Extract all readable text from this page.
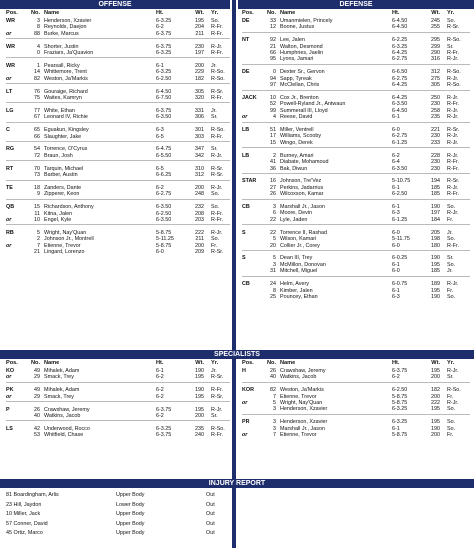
OFFENSE	DEFENSE
Pos.	No. Name	Ht.	Wt. Yr.
WR	3 Henderson, Xzavier	6-3.25	195 So.
8 Reynolds, Daejon	6-2	204 R-Fr.
or	88 Burke, Marcus	6-3.75	211 R-Fr.
WR	4 Shorter, Justin	6-3.75	230 R-Jr.
0 Fraziars, Ja'Quavion	6-3.25	197 R-Fr.
WR	1 Pearsall, Ricky	6-1	200 Jr.
14 Whittemore, Trent	6-3.25	229 R-So.
or	82 Weston, Ja'Markis	6-2.50	182 R-So.
LT	76 Gouraige, Richard	6-4.50	305 R-Sr.
75 Waites, Kamryn	6-7.50	320 R-Fr.
LG	77 White, Ethan	6-3.75	331 Jr.
67 Leonard IV, Richie	6-3.50	306 Sr.
C	65 Eguakun, Kingsley	6-3	301 R-So.
66 Slaughter, Jake	6-5	303 R-Fr.
RG	54 Torrence, O'Cyrus	6-4.75	347 Sr.
72 Braun, Josh	6-5.50	342 R-Jr.
RT	70 Tarquin, Michael	6-5	310 R-Sr.
73 Barber, Austin	6-6.25	312 R-Sr.
TE	18 Zanders, Dante	6-2	200 R-Jr.
9 Zipperer, Keon	6-2.75	248 So.
QB	15 Richardson, Anthony	6-3.50	232 So.
11 Kitna, Jalen	6-2.50	208 R-Fr.
or	10 Engel, Kyle	6-3.50	203 R-Fr.
RB	5 Wright, Nay'Quan	5-8.75	222 R-Jr.
2 Johnson Jr., Montrell	5-11.25	211 So.
or	7 Etienne, Trevor	5-8.75	200 Fr.
21 Lingard, Lorenzo	6-0	209 R-Sr.
Pos.	No. Name	Ht.	Wt. Yr.
DE	33 Umanmielen, Princely	6-4.50	245 So.
12 Boone, Justus	6-4.50	255 R-Sr.
NT	92 Lee, Jalen	6-2.25	295 R-So.
21 Walton, Desmond	6-3.25	299 Sr.
66 Humphries, Jaelin	6-4.25	290 R-Fr.
95 Lyons, Jamari	6-2.75	316 R-Jr.
DE	0 Dexter Sr., Gervon	6-6.50	312 R-So.
94 Sapp, Tyreak	6-2.75	275 R-Jr.
97 McClellan, Chris	6-4.25	305 R-So.
JACK	10 Cox Jr., Brenton	6-4.25	250 R-Jr.
52 Powell-Ryland Jr., Antwaun	6-3.50	230 R-Fr.
99 Summerall III, Lloyd	6-4.50	258 R-Jr.
or	4 Reese, David	6-1	235 R-Jr.
LB	51 Miller, Ventrell	6-0	221 R-Sr.
17 Williams, Scooby	6-2.75	230 R-Jr.
15 Wingo, Derek	6-1.25	233 R-Jr.
LB	2 Burney, Amari	6-2	228 R-Jr.
41 Diabate, Mohamoud	6-4	230 R-Fr.
36 Bak, Diwun	6-3.50	230 R-Fr.
STAR	16 Johnson, Tre'Vez	5-10.75	194 R-Sr.
27 Perkins, Jadarrius	6-1	185 R-Jr.
26 Wilcoxson, Kamar	6-2.50	185 R-Fr.
CB	3 Marshall Jr., Jason	6-1	190 So.
6 Moore, Devin	6-3	197 R-Jr.
22 Lyle, Jaden	6-1.25	184 Fr.
S	22 Torrence II, Rashad	6-0	205 Jr.
5 Wilson, Kamari	5-11.75	198 So.
20 Collier Jr., Corey	6-0	180 R-Fr.
S	5 Dean III, Trey	6-0.25	190 Sr.
3 McMillon, Donovan	6-1	195 So.
31 Mitchell, Miguel	6-0	185 Jr.
CB	24 Helm, Avery	6-0.75	189 R-Jr.
8 Kimber, Jalen	6-1	195 Fr.
25 Pouncey, Ethan	6-3	190 So.
SPECIALISTS
Pos.	No. Name	Ht.	Wt. Yr.
KO	49 Mihalek, Adam	6-1	190 Jr.
or	29 Smack, Trey	6-2	195 R-Sr.
PK	49 Mihalek, Adam	6-2	190 R-Fr.
or	29 Smack, Trey	6-2	195 R-Sr.
P	26 Crawshaw, Jeremy	6-3.75	195 R-Jr.
40 Watkins, Jacob	6-2	200 Sr.
LS	42 Underwood, Rocco	6-3.25	235 R-So.
53 Whitfield, Chase	6-3.75	240 R-Fr.
Pos.	No. Name	Ht.	Wt. Yr.
H	26 Crawshaw, Jeremy	6-3.75	195 R-Jr.
40 Watkins, Jacob	6-2	200 Sr.
KOR	82 Weston, Ja'Markis	6-2.50	182 R-So.
7 Etienne, Trevor	5-8.75	200 Fr.
or	5 Wright, Nay'Quan	5-8.75	222 R-Jr.
3 Henderson, Xzavier	6-3.25	195 So.
PR	3 Henderson, Xzavier	6-3.25	195 So.
3 Marshall Jr., Jason	6-1	190 So.
or	7 Etienne, Trevor	5-8.75	200 Fr.
INJURY REPORT
81 Boardingham, Arlis	Upper Body	Out
23 Hill, Jaydon	Lower Body	Out
10 Miller, Jack	Upper Body	Out
57 Conner, David	Upper Body	Out
45 Ortiz, Marco	Upper Body	Out
